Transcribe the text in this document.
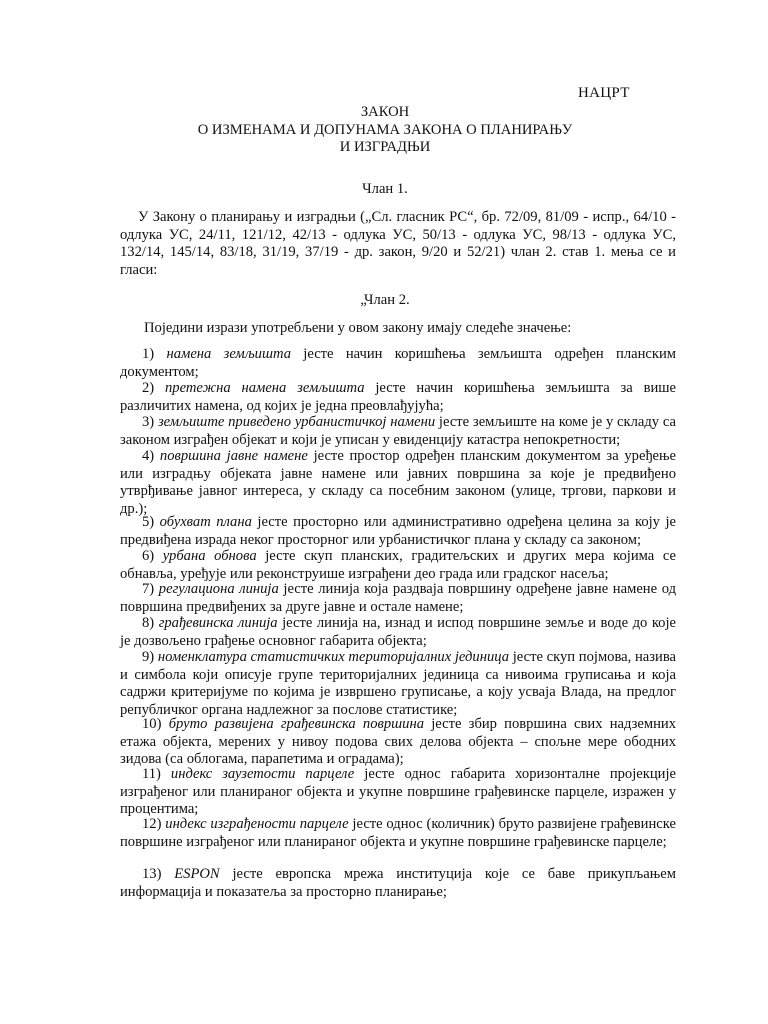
НАЦРТ
ЗАКОН
О ИЗМЕНАМА И ДОПУНАМА ЗАКОНА О ПЛАНИРАЊУ
И ИЗГРАДЊИ
Члан 1.

У Закону о планирању и изградњи („Сл. гласник РС“, бр. 72/09, 81/09 - испр., 64/10 - одлука УС, 24/11, 121/12, 42/13 - одлука УС, 50/13 - одлука УС, 98/13 - одлука УС, 132/14, 145/14, 83/18, 31/19, 37/19 - др. закон, 9/20 и 52/21) члан 2. став 1. мења се и гласи:

„Члан 2.

Поједини изрази употребљени у овом закону имају следеће значење:

1) намена земљишта јесте начин коришћења земљишта одређен планским документом;

2) претежна намена земљишта јесте начин коришћења земљишта за више различитих намена, од којих је једна преовлађујућа;

3) земљиште приведено урбанистичкој намени јесте земљиште на коме је у складу са законом изграђен објекат и који је уписан у евиденцију катастра непокретности;

4) површина јавне намене јесте простор одређен планским документом за уређење или изградњу објеката јавне намене или јавних површина за које је предвиђено утврђивање јавног интереса, у складу са посебним законом (улице, тргови, паркови и др.);

5) обухват плана јесте просторно или административно одређена целина за коју је предвиђена израда неког просторног или урбанистичког плана у складу са законом;

6) урбана обнова јесте скуп планских, градитељских и других мера којима се обнавља, уређује или реконструише изграђени део града или градског насеља;

7) регулациона линија јесте линија која раздваја површину одређене јавне намене од површина предвиђених за друге јавне и остале намене;

8) грађевинска линија јесте линија на, изнад и испод површине земље и воде до које је дозвољено грађење основног габарита објекта;

9) номенклатура статистичких територијалних јединица јесте скуп појмова, назива и симбола који описује групе територијалних јединица са нивоима груписања и која садржи критеријуме по којима је извршено груписање, а коју усваја Влада, на предлог републичког органа надлежног за послове статистике;

10) бруто развијена грађевинска површина јесте збир површина свих надземних етажа објекта, мерених у нивоу подова свих делова објекта – спољне мере ободних зидова (са облогама, парапетима и оградама);

11) индекс заузетости парцеле јесте однос габарита хоризонталне пројекције изграђеног или планираног објекта и укупне површине грађевинске парцеле, изражен у процентима;

12) индекс изграђености парцеле јесте однос (количник) бруто развијене грађевинске површине изграђеног или планираног објекта и укупне површине грађевинске парцеле;

13) ESPON јесте европска мрежа институција које се баве прикупљањем информација и показатеља за просторно планирање;
